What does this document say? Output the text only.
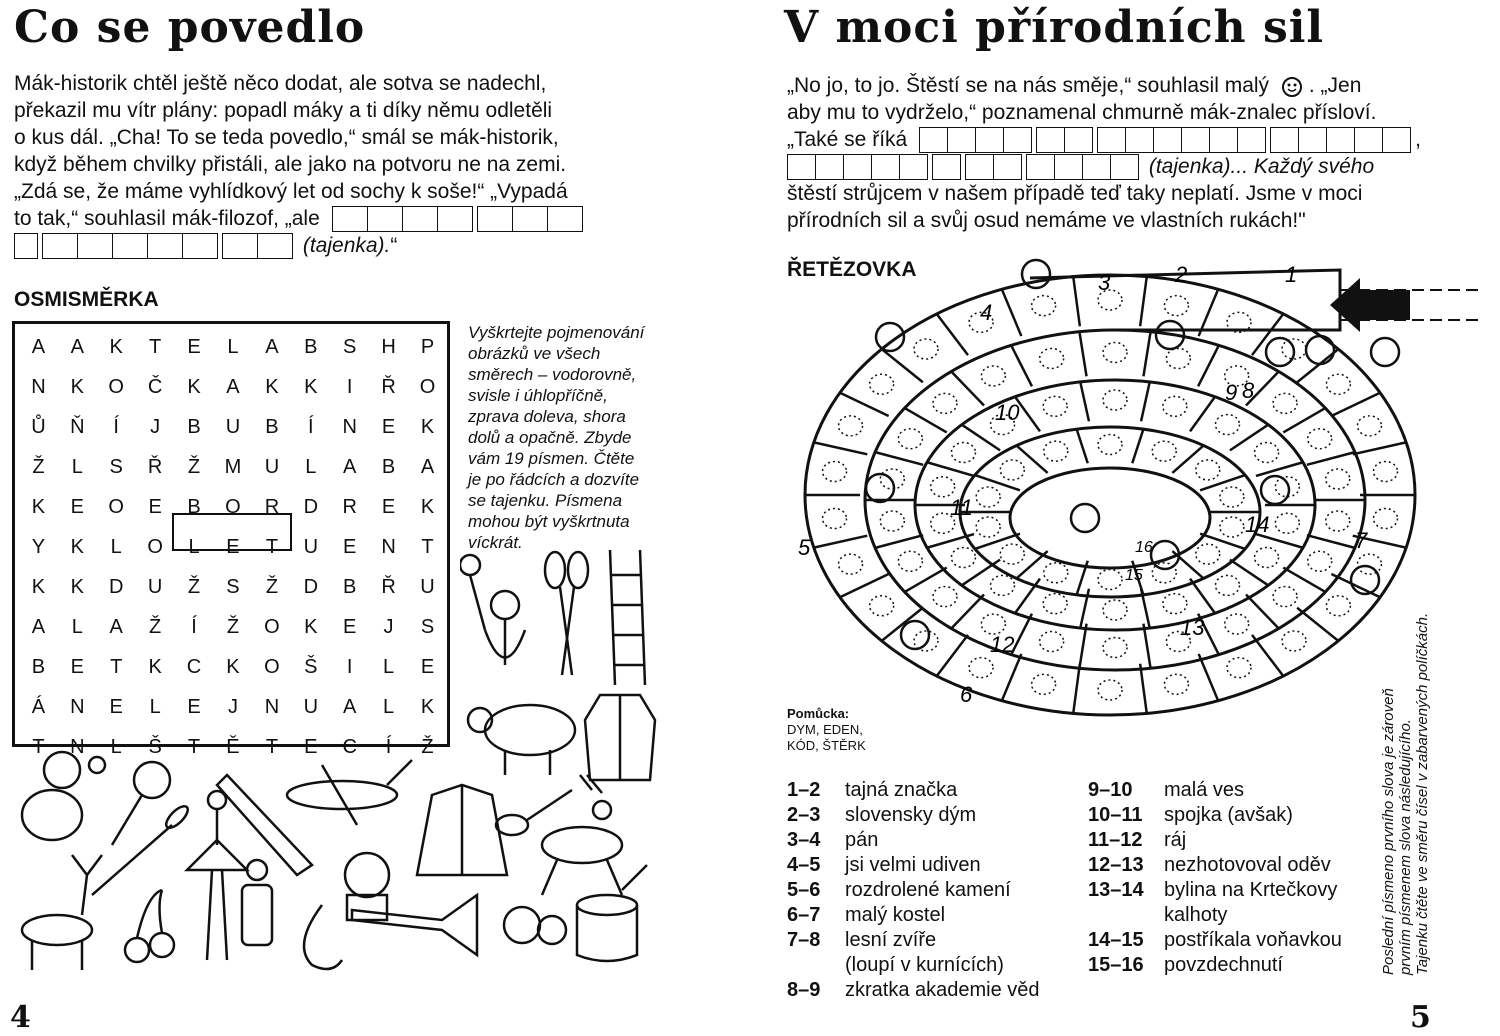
Co se povedlo
Mák-historik chtěl ještě něco dodat, ale sotva se nadechl,
překazil mu vítr plány: popadl máky a ti díky němu odletěli
o kus dál. „Cha! To se teda povedlo,“ smál se mák-historik,
když během chvilky přistáli, ale jako na potvoru ne na zemi.
„Zdá se, že máme vyhlídkový let od sochy k soše!“ „Vypadá
to tak,“ souhlasil mák-filozof, „ale
(tajenka).“
OSMISMĚRKA
A	A	K	T	E	L	A	B	S	H	P
N	K	O	Č	K	A	K	K	I	Ř	O
Ů	Ň	Í	J	B	U	B	Í	N	E	K
Ž	L	S	Ř	Ž	M	U	L	A	B	A
K	E	O	E	B	O	R	D	R	E	K
Y	K	L	O	L	E	T	U	E	N	T
K	K	D	U	Ž	S	Ž	D	B	Ř	U
A	L	A	Ž	Í	Ž	O	K	E	J	S
B	E	T	K	C	K	O	Š	I	L	E
Á	N	E	L	E	J	N	U	A	L	K
T	N	L	Š	T	Ě	T	E	C	Í	Ž
Vyškrtejte pojmenování
obrázků ve všech
směrech – vodorovně,
svisle i úhlopříčně,
zprava doleva, shora
dolů a opačně. Zbyde
vám 19 písmen. Čtěte
je po řádcích a dozvíte
se tajenku. Písmena
mohou být vyškrtnuta
víckrát.
4
V moci přírodních sil
„No jo, to jo. Štěstí se na nás směje,“ souhlasil malý . „Jen
aby mu to vydrželo,“ poznamenal chmurně mák-znalec přísloví.
„Také se říká	,
(tajenka)... Každý svého
štěstí strůjcem v našem případě teď taky neplatí. Jsme v moci
přírodních sil a svůj osud nemáme ve vlastních rukách!"
ŘETĚZOVKA	1
2
3
4
5
6
7
8
9
10
11
12
13
14
15
16
Pomůcka:
DYM, EDEN,
KÓD, ŠTĚRK
1–2	tajná značka
2–3	slovensky dým
3–4	pán
4–5	jsi velmi udiven
5–6	rozdrolené kamení
6–7	malý kostel
7–8	lesní zvíře
(loupí v kurnících)
8–9	zkratka akademie věd
9–10	malá ves
10–11	spojka (avšak)
11–12	ráj
12–13	nezhotovoval oděv
13–14	bylina na Krtečkovy
kalhoty
14–15	postříkala voňavkou
15–16	povzdechnutí	Poslední písmeno prvního slova je zároveň prvním písmenem slova následujícího. Tajenku čtěte ve směru čísel v zabarvených políčkách.
5
